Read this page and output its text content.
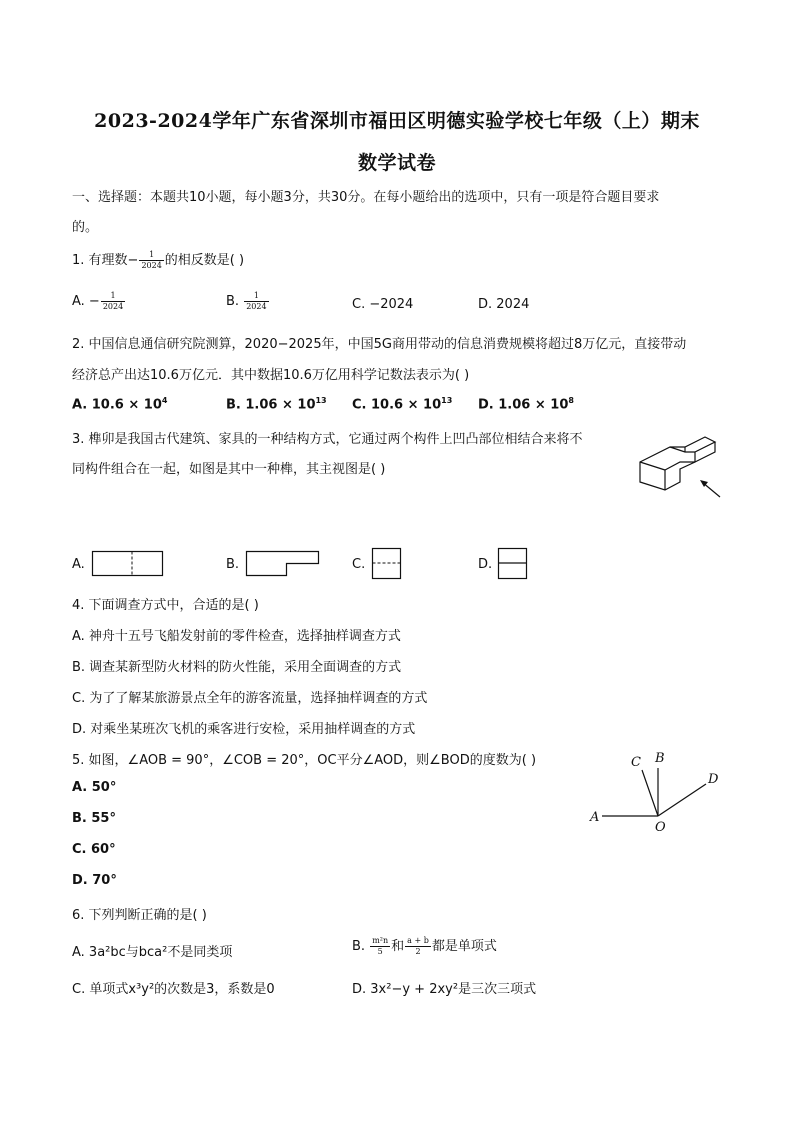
2023-2024学年广东省深圳市福田区明德实验学校七年级（上）期末
数学试卷
一、选择题：本题共10小题，每小题3分，共30分。在每小题给出的选项中，只有一项是符合题目要求
的。
1. 有理数− $\frac{1}{2024}$ 的相反数是( )
A. − $\frac{1}{2024}$	B. $\frac{1}{2024}$	C. −2024	D. 2024
2. 中国信息通信研究院测算，2020−2025年，中国5G商用带动的信息消费规模将超过8万亿元，直接带动
经济总产出达10.6万亿元．其中数据10.6万亿用科学记数法表示为( )
A. $10.6 \times 10^4$	B. $1.06 \times 10^{13}$ C. $10.6 \times 10^{13}$ D. $1.06 \times 10^8$
3. 榫卯是我国古代建筑、家具的一种结构方式，它通过两个构件上凹凸部位相结合来将不
同构件组合在一起，如图是其中一种榫，其主视图是( )
A.	B.	C.	D.
4. 下面调查方式中，合适的是( )
A. 神舟十五号飞船发射前的零件检查，选择抽样调查方式
B. 调查某新型防火材料的防火性能，采用全面调查的方式
C. 为了了解某旅游景点全年的游客流量，选择抽样调查的方式
D. 对乘坐某班次飞机的乘客进行安检，采用抽样调查的方式
5. 如图，∠AOB = 90°，∠COB = 20°，OC平分∠AOD，则∠BOD的度数为( )
A. 50°
B. 55°
C. 60°
D. 70°
A
B
C
D
O
6. 下列判断正确的是( )
A. 3a²bc与bca²不是同类项	B. $\frac{\text{m²n}}{5}$ 和 $\frac{a + b}{2}$ 都是单项式
C. 单项式x³y²的次数是3，系数是0	D. 3x²−y + 2xy²是三次三项式
